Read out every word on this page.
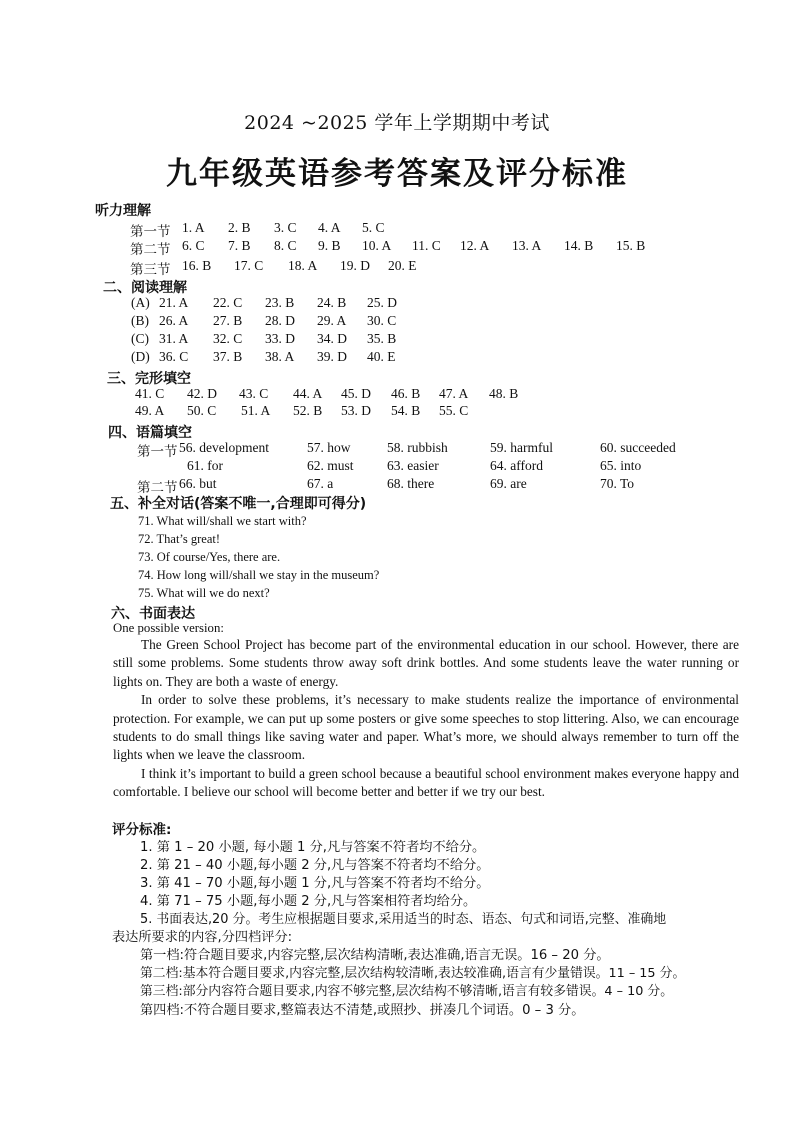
2024 ~2025 学年上学期期中考试
九年级英语参考答案及评分标准
听力理解
第一节 1. A 2. B 3. C 4. A 5. C
第二节 6. C 7. B 8. C 9. B 10. A 11. C 12. A 13. A 14. B 15. B
第三节 16. B 17. C 18. A 19. D 20. E
二、阅读理解
(A) 21. A 22. C 23. B 24. B 25. D
(B) 26. A 27. B 28. D 29. A 30. C
(C) 31. A 32. C 33. D 34. D 35. B
(D) 36. C 37. B 38. A 39. D 40. E
三、完形填空
41. C 42. D 43. C 44. A 45. D 46. B 47. A 48. B
49. A 50. C 51. A 52. B 53. D 54. B 55. C
四、语篇填空
第一节 56. development	57. how	58. rubbish	59. harmful	60. succeeded
61. for	62. must 63. easier	64. afford	65. into
第二节 66. but	67. a	68. there	69. are	70. To
五、补全对话(答案不唯一,合理即可得分)
71. What will/shall we start with?
72. That’s great!
73. Of course/Yes, there are.
74. How long will/shall we stay in the museum?
75. What will we do next?
六、书面表达
One possible version:

The Green School Project has become part of the environmental education in our school. However, there are still some problems. Some students throw away soft drink bottles. And some students leave the water running or lights on. They are both a waste of energy.

In order to solve these problems, it’s necessary to make students realize the importance of environmental protection. For example, we can put up some posters or give some speeches to stop littering. Also, we can encourage students to do small things like saving water and paper. What’s more, we should always remember to turn off the lights when we leave the classroom.

I think it’s important to build a green school because a beautiful school environment makes everyone happy and comfortable. I believe our school will become better and better if we try our best.

评分标准:
1. 第 1 – 20 小题, 每小题 1 分,凡与答案不符者均不给分。
2. 第 21 – 40 小题,每小题 2 分,凡与答案不符者均不给分。
3. 第 41 – 70 小题,每小题 1 分,凡与答案不符者均不给分。
4. 第 71 – 75 小题,每小题 2 分,凡与答案相符者均给分。
5. 书面表达,20 分。考生应根据题目要求,采用适当的时态、语态、句式和词语,完整、准确地
表达所要求的内容,分四档评分:
第一档:符合题目要求,内容完整,层次结构清晰,表达准确,语言无误。16 – 20 分。
第二档:基本符合题目要求,内容完整,层次结构较清晰,表达较准确,语言有少量错误。11 – 15 分。
第三档:部分内容符合题目要求,内容不够完整,层次结构不够清晰,语言有较多错误。4 – 10 分。
第四档:不符合题目要求,整篇表达不清楚,或照抄、拼凑几个词语。0 – 3 分。
